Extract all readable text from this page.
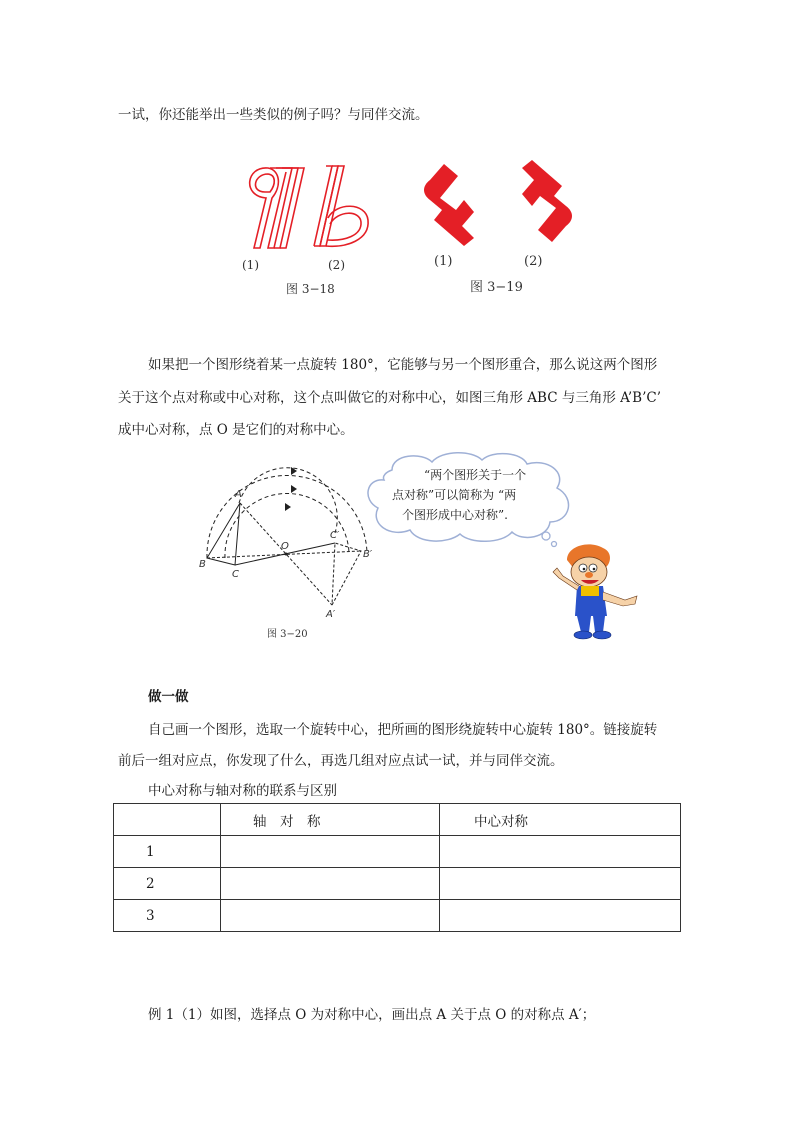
一试，你还能举出一些类似的例子吗？与同伴交流。
(1)	(2)
图 3−18
(1)	(2)
图 3−19
如果把一个图形绕着某一点旋转 180°，它能够与另一个图形重合，那么说这两个图形
关于这个点对称或中心对称，这个点叫做它的对称中心，如图三角形 ABC 与三角形 A’B’C’
成中心对称，点 O 是它们的对称中心。
A
B
C
O
A′
B′
C′
图 3−20
“两个图形关于一个
点对称”可以简称为 “两
个图形成中心对称”.
做一做
自己画一个图形，选取一个旋转中心，把所画的图形绕旋转中心旋转 180°。链接旋转
前后一组对应点，你发现了什么，再选几组对应点试一试，并与同伴交流。
中心对称与轴对称的联系与区别
	轴　对　称	中心对称
1		
2		
3		
例 1（1）如图，选择点 O 为对称中心，画出点 A 关于点 O 的对称点 A′；
